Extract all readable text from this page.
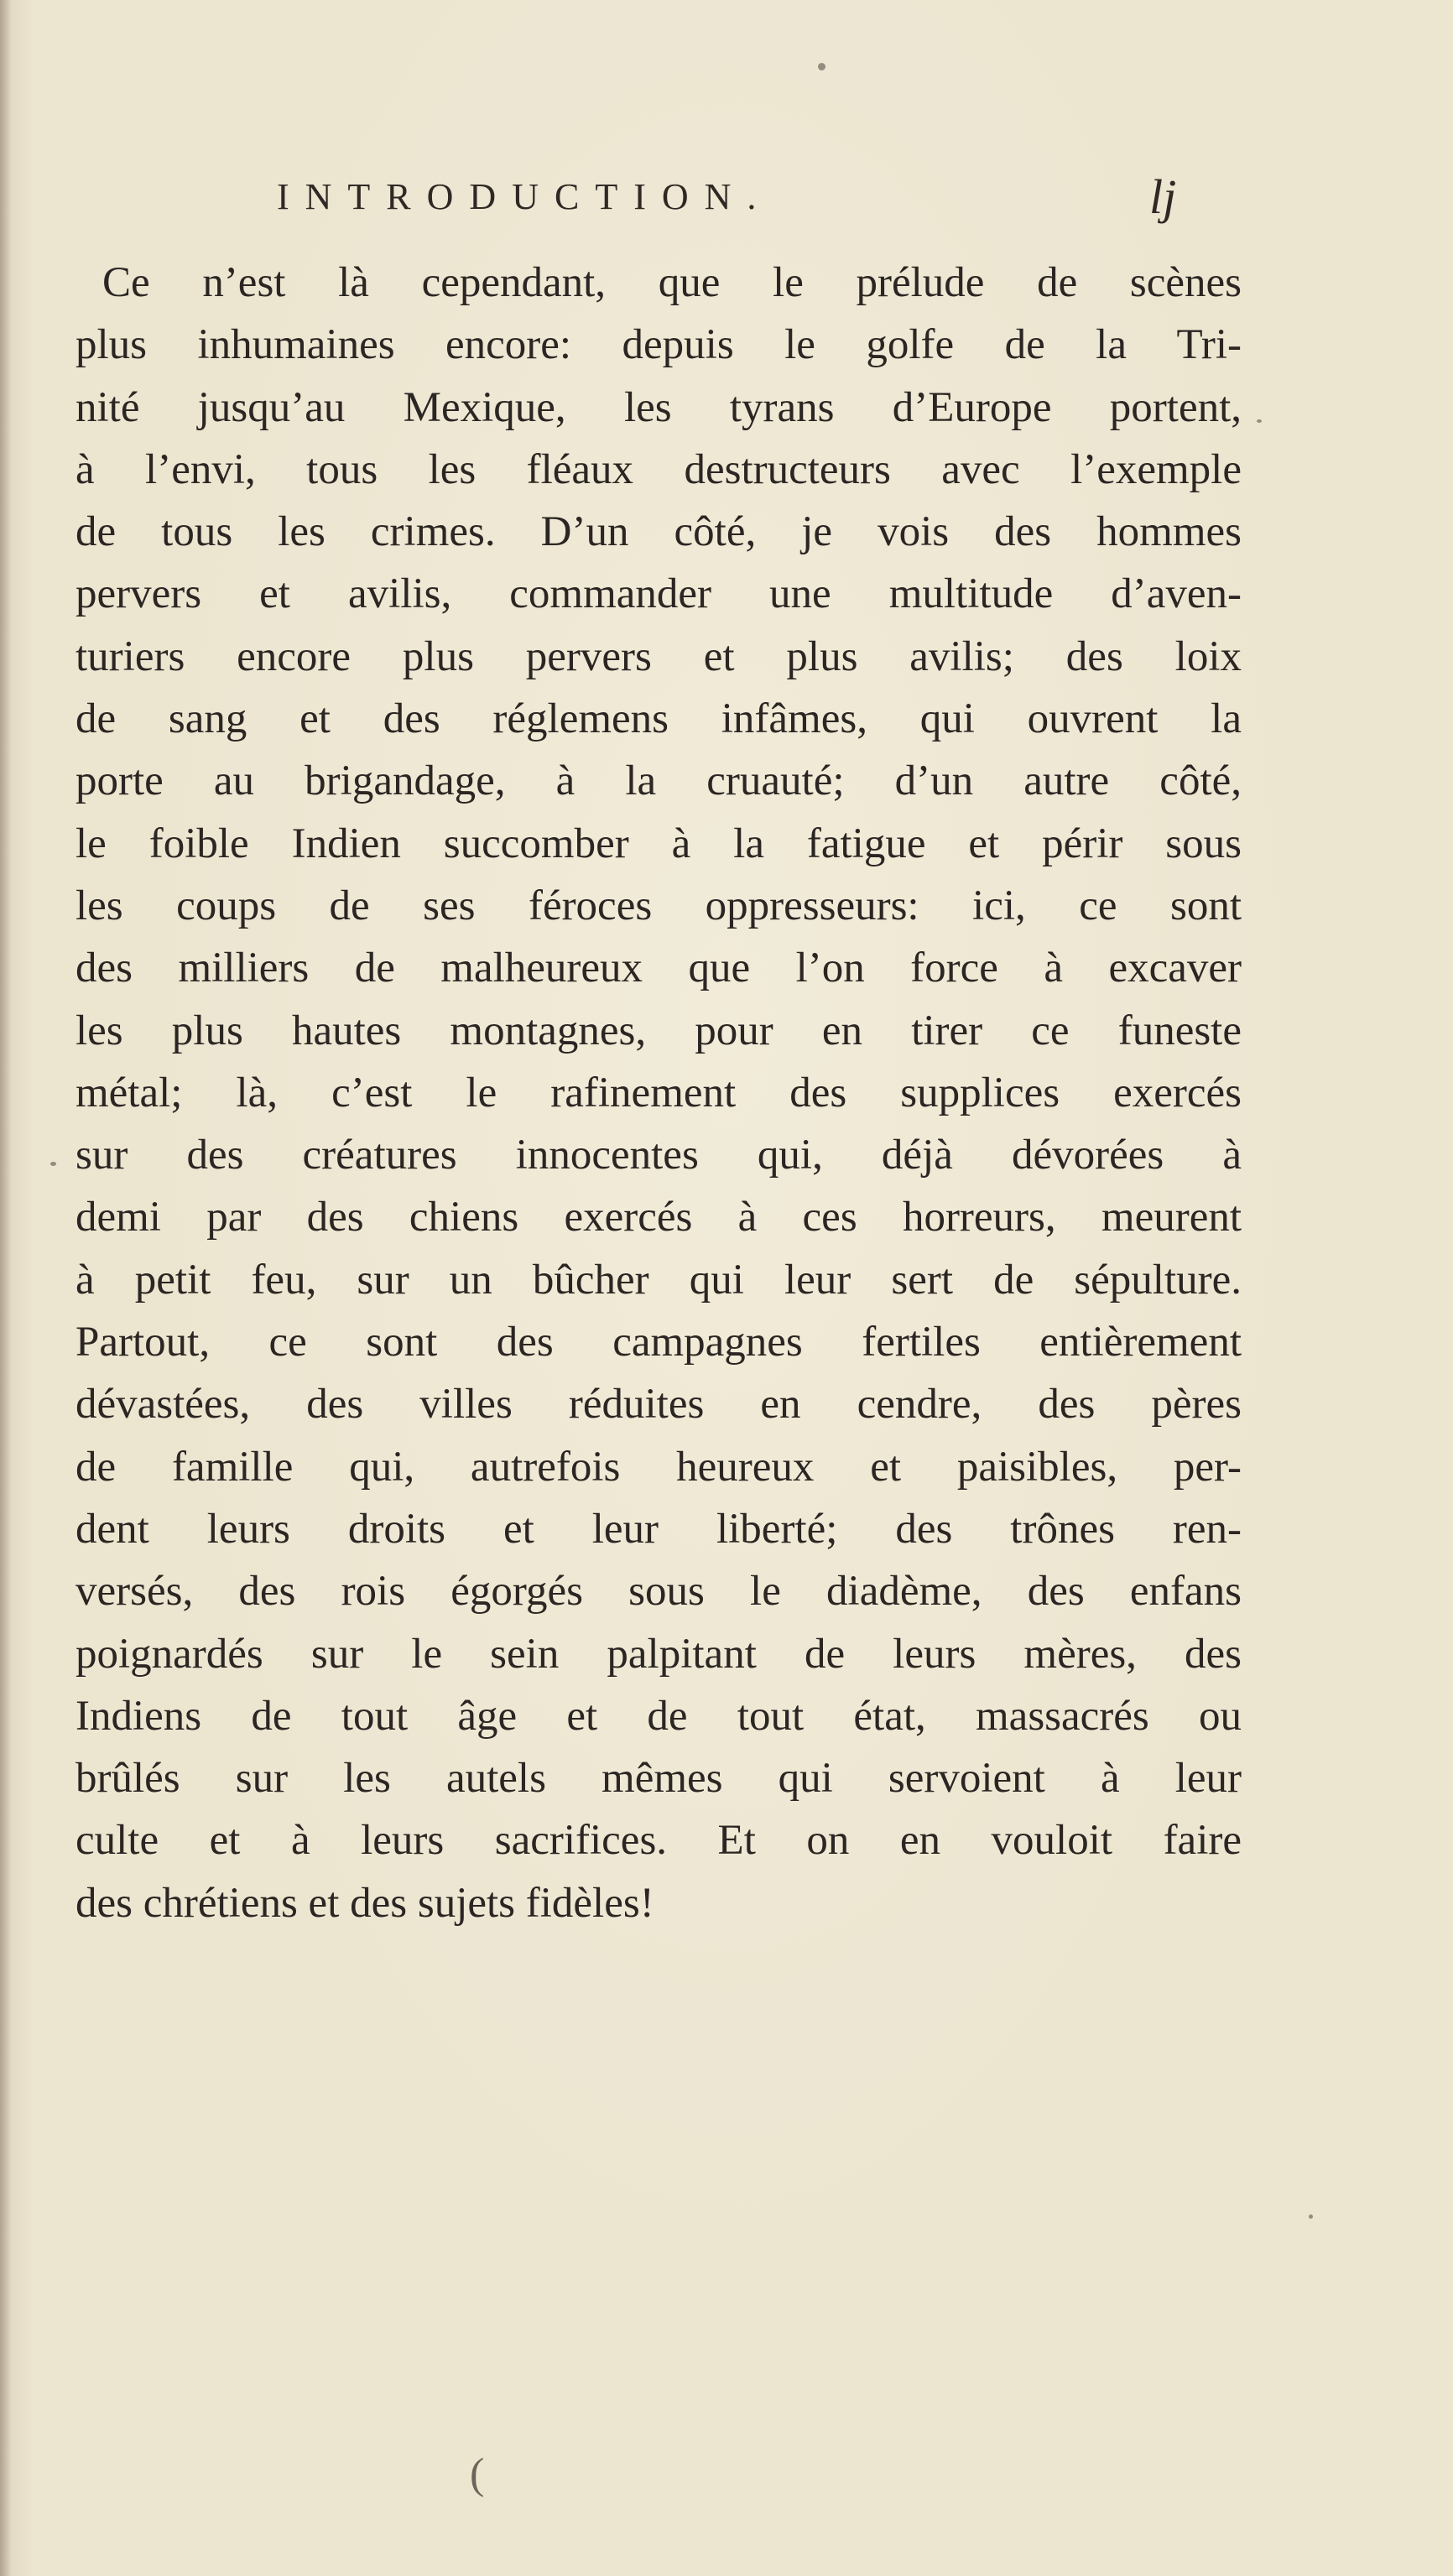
INTRODUCTION.	lj
Ce n’est là cependant, que le prélude de scènes
plus inhumaines encore: depuis le golfe de la Tri-
nité jusqu’au Mexique, les tyrans d’Europe portent,
à l’envi, tous les fléaux destructeurs avec l’exemple
de tous les crimes. D’un côté, je vois des hommes
pervers et avilis, commander une multitude d’aven-
turiers encore plus pervers et plus avilis; des loix
de sang et des réglemens infâmes, qui ouvrent la
porte au brigandage, à la cruauté; d’un autre côté,
le foible Indien succomber à la fatigue et périr sous
les coups de ses féroces oppresseurs: ici, ce sont
des milliers de malheureux que l’on force à excaver
les plus hautes montagnes, pour en tirer ce funeste
métal; là, c’est le rafinement des supplices exercés
sur des créatures innocentes qui, déjà dévorées à
demi par des chiens exercés à ces horreurs, meurent
à petit feu, sur un bûcher qui leur sert de sépulture.
Partout, ce sont des campagnes fertiles entièrement
dévastées, des villes réduites en cendre, des pères
de famille qui, autrefois heureux et paisibles, per-
dent leurs droits et leur liberté; des trônes ren-
versés, des rois égorgés sous le diadème, des enfans
poignardés sur le sein palpitant de leurs mères, des
Indiens de tout âge et de tout état, massacrés ou
brûlés sur les autels mêmes qui servoient à leur
culte et à leurs sacrifices. Et on en vouloit faire
des chrétiens et des sujets fidèles!
(
